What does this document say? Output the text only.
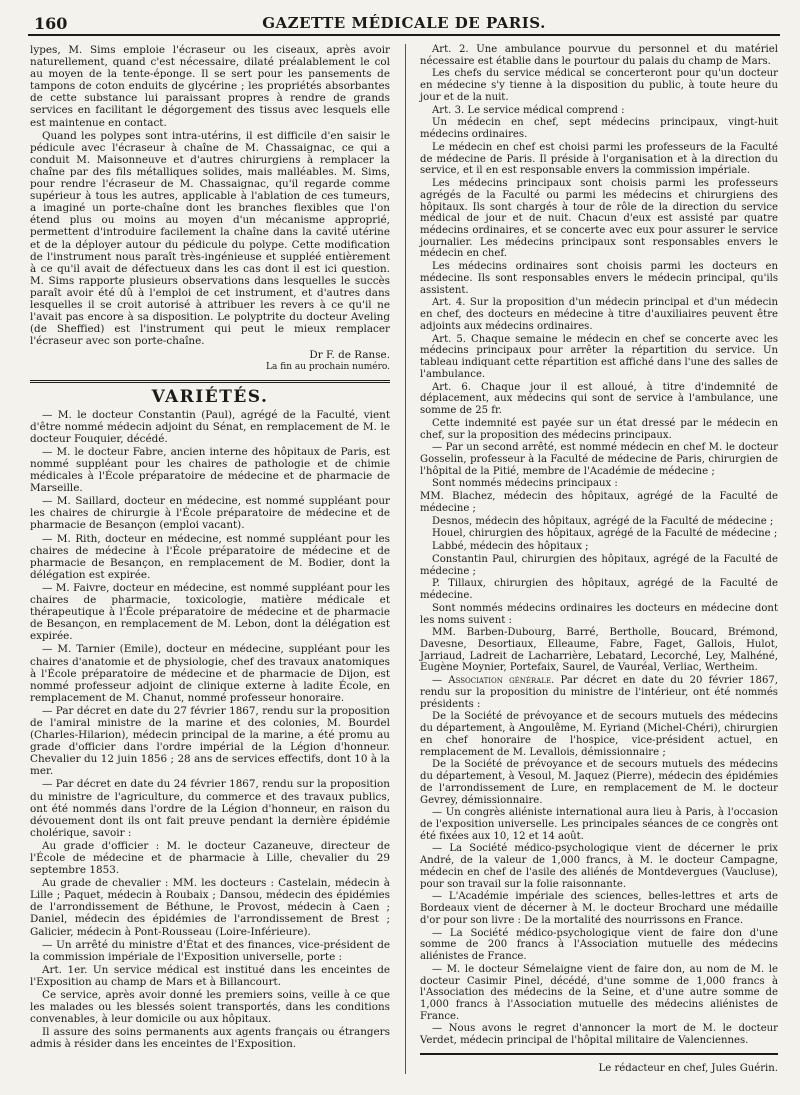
160	GAZETTE MÉDICALE DE PARIS.

lypes, M. Sims emploie l'écraseur ou les ciseaux, après avoir naturellement, quand c'est nécessaire, dilaté préalablement le col au moyen de la tente-éponge. Il se sert pour les pansements de tampons de coton enduits de glycérine ; les propriétés absorbantes de cette substance lui paraissant propres à rendre de grands services en facilitant le dégorgement des tissus avec lesquels elle est maintenue en contact.

Quand les polypes sont intra-utérins, il est difficile d'en saisir le pédicule avec l'écraseur à chaîne de M. Chassaignac, ce qui a conduit M. Maisonneuve et d'autres chirurgiens à remplacer la chaîne par des fils métalliques solides, mais malléables. M. Sims, pour rendre l'écraseur de M. Chassaignac, qu'il regarde comme supérieur à tous les autres, applicable à l'ablation de ces tumeurs, a imaginé un porte-chaîne dont les branches flexibles que l'on étend plus ou moins au moyen d'un mécanisme approprié, permettent d'introduire facilement la chaîne dans la cavité utérine et de la déployer autour du pédicule du polype. Cette modification de l'instrument nous paraît très-ingénieuse et suppléé entièrement à ce qu'il avait de défectueux dans les cas dont il est ici question. M. Sims rapporte plusieurs observations dans lesquelles le succès paraît avoir été dû à l'emploi de cet instrument, et d'autres dans lesquelles il se croit autorisé à attribuer les revers à ce qu'il ne l'avait pas encore à sa disposition. Le polyptrite du docteur Aveling (de Sheffied) est l'instrument qui peut le mieux remplacer l'écraseur avec son porte-chaîne.

Dr F. de Ranse.
La fin au prochain numéro.
VARIÉTÉS.

— M. le docteur Constantin (Paul), agrégé de la Faculté, vient d'être nommé médecin adjoint du Sénat, en remplacement de M. le docteur Fouquier, décédé.

— M. le docteur Fabre, ancien interne des hôpitaux de Paris, est nommé suppléant pour les chaires de pathologie et de chimie médicales à l'École préparatoire de médecine et de pharmacie de Marseille.

— M. Saillard, docteur en médecine, est nommé suppléant pour les chaires de chirurgie à l'École préparatoire de médecine et de pharmacie de Besançon (emploi vacant).

— M. Rith, docteur en médecine, est nommé suppléant pour les chaires de médecine à l'École préparatoire de médecine et de pharmacie de Besançon, en remplacement de M. Bodier, dont la délégation est expirée.

— M. Faivre, docteur en médecine, est nommé suppléant pour les chaires de pharmacie, toxicologie, matière médicale et thérapeutique à l'École préparatoire de médecine et de pharmacie de Besançon, en remplacement de M. Lebon, dont la délégation est expirée.

— M. Tarnier (Emile), docteur en médecine, suppléant pour les chaires d'anatomie et de physiologie, chef des travaux anatomiques à l'École préparatoire de médecine et de pharmacie de Dijon, est nommé professeur adjoint de clinique externe à ladite École, en remplacement de M. Chanut, nommé professeur honoraire.

— Par décret en date du 27 février 1867, rendu sur la proposition de l'amiral ministre de la marine et des colonies, M. Bourdel (Charles-Hilarion), médecin principal de la marine, a été promu au grade d'officier dans l'ordre impérial de la Légion d'honneur. Chevalier du 12 juin 1856 ; 28 ans de services effectifs, dont 10 à la mer.

— Par décret en date du 24 février 1867, rendu sur la proposition du ministre de l'agriculture, du commerce et des travaux publics, ont été nommés dans l'ordre de la Légion d'honneur, en raison du dévouement dont ils ont fait preuve pendant la dernière épidémie cholérique, savoir :

Au grade d'officier : M. le docteur Cazaneuve, directeur de l'École de médecine et de pharmacie à Lille, chevalier du 29 septembre 1853.

Au grade de chevalier : MM. les docteurs : Castelain, médecin à Lille ; Paquet, médecin à Roubaix ; Dansou, médecin des épidémies de l'arrondissement de Béthune, le Provost, médecin à Caen ; Daniel, médecin des épidémies de l'arrondissement de Brest ; Galicier, médecin à Pont-Rousseau (Loire-Inférieure).

— Un arrêté du ministre d'État et des finances, vice-président de la commission impériale de l'Exposition universelle, porte :

Art. 1er. Un service médical est institué dans les enceintes de l'Exposition au champ de Mars et à Billancourt.

Ce service, après avoir donné les premiers soins, veille à ce que les malades ou les blessés soient transportés, dans les conditions convenables, à leur domicile ou aux hôpitaux.

Il assure des soins permanents aux agents français ou étrangers admis à résider dans les enceintes de l'Exposition.

Art. 2. Une ambulance pourvue du personnel et du matériel nécessaire est établie dans le pourtour du palais du champ de Mars.

Les chefs du service médical se concerteront pour qu'un docteur en médecine s'y tienne à la disposition du public, à toute heure du jour et de la nuit.

Art. 3. Le service médical comprend :

Un médecin en chef, sept médecins principaux, vingt-huit médecins ordinaires.

Le médecin en chef est choisi parmi les professeurs de la Faculté de médecine de Paris. Il préside à l'organisation et à la direction du service, et il en est responsable envers la commission impériale.

Les médecins principaux sont choisis parmi les professeurs agrégés de la Faculté ou parmi les médecins et chirurgiens des hôpitaux. Ils sont chargés à tour de rôle de la direction du service médical de jour et de nuit. Chacun d'eux est assisté par quatre médecins ordinaires, et se concerte avec eux pour assurer le service journalier. Les médecins principaux sont responsables envers le médecin en chef.

Les médecins ordinaires sont choisis parmi les docteurs en médecine. Ils sont responsables envers le médecin principal, qu'ils assistent.

Art. 4. Sur la proposition d'un médecin principal et d'un médecin en chef, des docteurs en médecine à titre d'auxiliaires peuvent être adjoints aux médecins ordinaires.

Art. 5. Chaque semaine le médecin en chef se concerte avec les médecins principaux pour arrêter la répartition du service. Un tableau indiquant cette répartition est affiché dans l'une des salles de l'ambulance.

Art. 6. Chaque jour il est alloué, à titre d'indemnité de déplacement, aux médecins qui sont de service à l'ambulance, une somme de 25 fr.

Cette indemnité est payée sur un état dressé par le médecin en chef, sur la proposition des médecins principaux.

— Par un second arrêté, est nommé médecin en chef M. le docteur Gosselin, professeur à la Faculté de médecine de Paris, chirurgien de l'hôpital de la Pitié, membre de l'Académie de médecine ;

Sont nommés médecins principaux :

MM. Blachez, médecin des hôpitaux, agrégé de la Faculté de médecine ;

Desnos, médecin des hôpitaux, agrégé de la Faculté de médecine ;

Houel, chirurgien des hôpitaux, agrégé de la Faculté de médecine ;

Labbé, médecin des hôpitaux ;

Constantin Paul, chirurgien des hôpitaux, agrégé de la Faculté de médecine ;

P. Tillaux, chirurgien des hôpitaux, agrégé de la Faculté de médecine.

Sont nommés médecins ordinaires les docteurs en médecine dont les noms suivent :

MM. Barben-Dubourg, Barré, Bertholle, Boucard, Brémond, Davesne, Desortiaux, Elleaume, Fabre, Faget, Gallois, Hulot, Jarriaud, Ladreit de Lacharrière, Lebatard, Lecorché, Ley, Malhéné, Eugène Moynier, Portefaix, Saurel, de Vauréal, Verliac, Wertheim.

— Association générale. Par décret en date du 20 février 1867, rendu sur la proposition du ministre de l'intérieur, ont été nommés présidents :

De la Société de prévoyance et de secours mutuels des médecins du département, à Angoulême, M. Eyriand (Michel-Chéri), chirurgien en chef honoraire de l'hospice, vice-président actuel, en remplacement de M. Levallois, démissionnaire ;

De la Société de prévoyance et de secours mutuels des médecins du département, à Vesoul, M. Jaquez (Pierre), médecin des épidémies de l'arrondissement de Lure, en remplacement de M. le docteur Gevrey, démissionnaire.

— Un congrès aliéniste international aura lieu à Paris, à l'occasion de l'exposition universelle. Les principales séances de ce congrès ont été fixées aux 10, 12 et 14 août.

— La Société médico-psychologique vient de décerner le prix André, de la valeur de 1,000 francs, à M. le docteur Campagne, médecin en chef de l'asile des aliénés de Montdevergues (Vaucluse), pour son travail sur la folie raisonnante.

— L'Académie impériale des sciences, belles-lettres et arts de Bordeaux vient de décerner à M. le docteur Brochard une médaille d'or pour son livre : De la mortalité des nourrissons en France.

— La Société médico-psychologique vient de faire don d'une somme de 200 francs à l'Association mutuelle des médecins aliénistes de France.

— M. le docteur Sémelaigne vient de faire don, au nom de M. le docteur Casimir Pinel, décédé, d'une somme de 1,000 francs à l'Association des médecins de la Seine, et d'une autre somme de 1,000 francs à l'Association mutuelle des médecins aliénistes de France.

— Nous avons le regret d'annoncer la mort de M. le docteur Verdet, médecin principal de l'hôpital militaire de Valenciennes.

Le rédacteur en chef, Jules Guérin.
